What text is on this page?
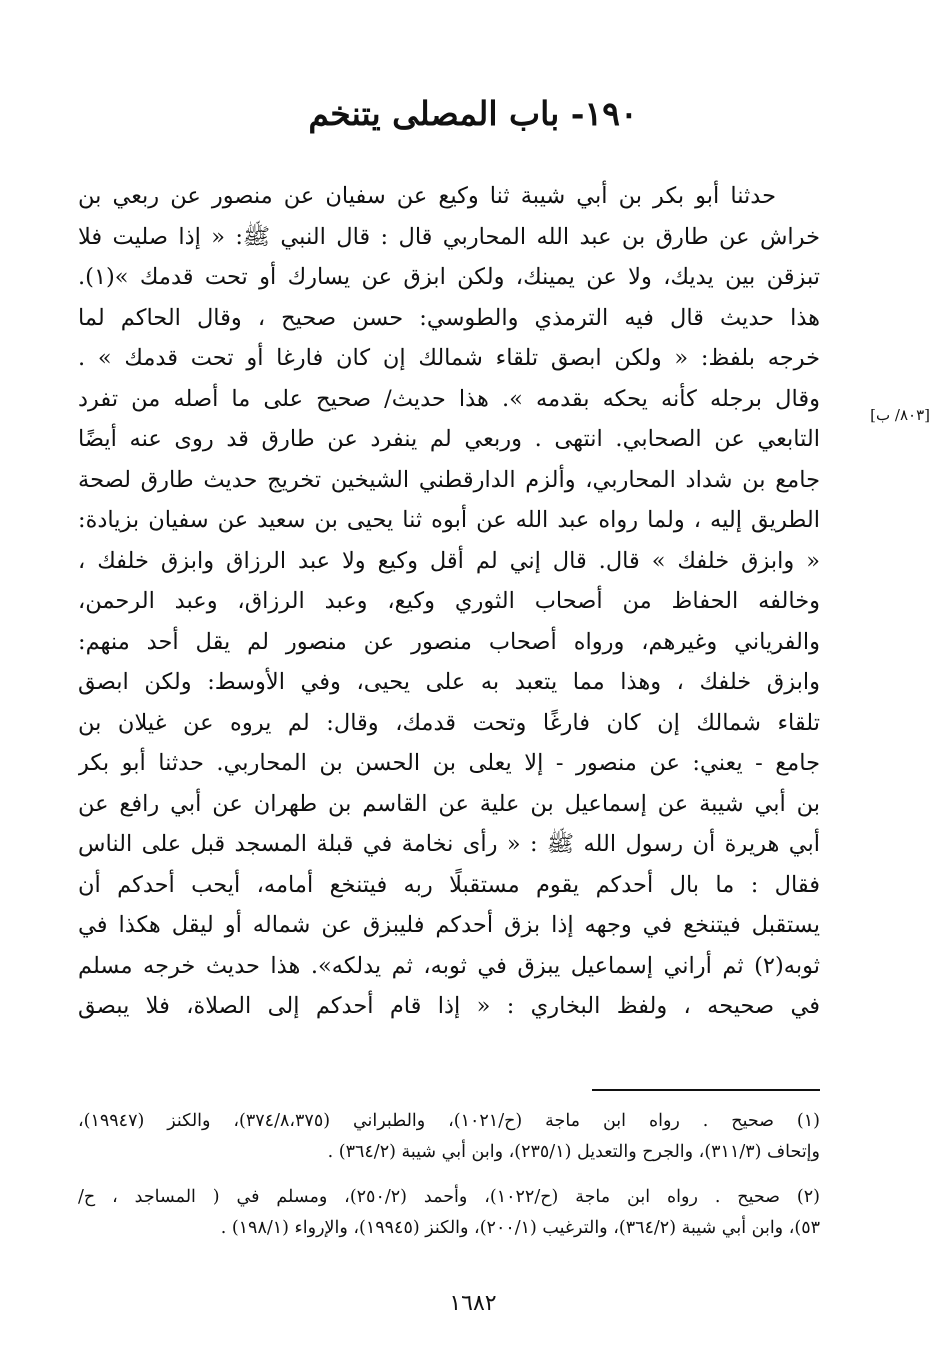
١٩٠- باب المصلى يتنخم
[٨٠٣/ ب]
حدثنا أبو بكر بن أبي شيبة ثنا وكيع عن سفيان عن منصور عن ربعي بن
خراش عن طارق بن عبد الله المحاربي قال : قال النبي ﷺ: « إذا صليت فلا
تبزقن بين يديك، ولا عن يمينك، ولكن ابزق عن يسارك أو تحت قدمك »(١).
هذا حديث قال فيه الترمذي والطوسي: حسن صحيح ، وقال الحاكم لما
خرجه بلفظ: « ولكن ابصق تلقاء شمالك إن كان فارغا أو تحت قدمك » .
وقال برجله كأنه يحكه بقدمه ». هذا حديث/ صحيح على ما أصله من تفرد
التابعي عن الصحابي. انتهى . وربعي لم ينفرد عن طارق قد روى عنه أيضًا
جامع بن شداد المحاربي، وألزم الدارقطني الشيخين تخريج حديث طارق لصحة
الطريق إليه ، ولما رواه عبد الله عن أبوه ثنا يحيى بن سعيد عن سفيان بزيادة:
« وابزق خلفك » قال. قال إني لم أقل وكيع ولا عبد الرزاق وابزق خلفك ،
وخالفه الحفاظ من أصحاب الثوري وكيع، وعبد الرزاق، وعبد الرحمن،
والفرياني وغيرهم، ورواه أصحاب منصور عن منصور لم يقل أحد منهم:
وابزق خلفك ، وهذا مما يتعبد به على يحيى، وفي الأوسط: ولكن ابصق
تلقاء شمالك إن كان فارغًا وتحت قدمك، وقال: لم يروه عن غيلان بن
جامع - يعني: عن منصور - إلا يعلى بن الحسن بن المحاربي. حدثنا أبو بكر
بن أبي شيبة عن إسماعيل بن علية عن القاسم بن طهران عن أبي رافع عن
أبي هريرة أن رسول الله ﷺ : « رأى نخامة في قبلة المسجد قبل على الناس
فقال : ما بال أحدكم يقوم مستقبلًا ربه فيتنخع أمامه، أيحب أحدكم أن
يستقبل فيتنخع في وجهه إذا بزق أحدكم فليبزق عن شماله أو ليقل هكذا في
ثوبه(٢) ثم أراني إسماعيل يبزق في ثوبه، ثم يدلكه». هذا حديث خرجه مسلم
في صحيحه ، ولفظ البخاري : « إذا قام أحدكم إلى الصلاة، فلا يبصق
(١) صحيح . رواه ابن ماجة (ح/١٠٢١)، والطبراني (٣٧٤/٨،٣٧٥)، والكنز (١٩٩٤٧)،
وإتحاف (٣١١/٣)، والجرح والتعديل (٢٣٥/١)، وابن أبي شيبة (٣٦٤/٢) .
(٢) صحيح . رواه ابن ماجة (ح/١٠٢٢)، وأحمد (٢٥٠/٢)، ومسلم في ( المساجد ، ح/
٥٣)، وابن أبي شيبة (٣٦٤/٢)، والترغيب (٢٠٠/١)، والكنز (١٩٩٤٥)، والإرواء (١٩٨/١) .
١٦٨٢
